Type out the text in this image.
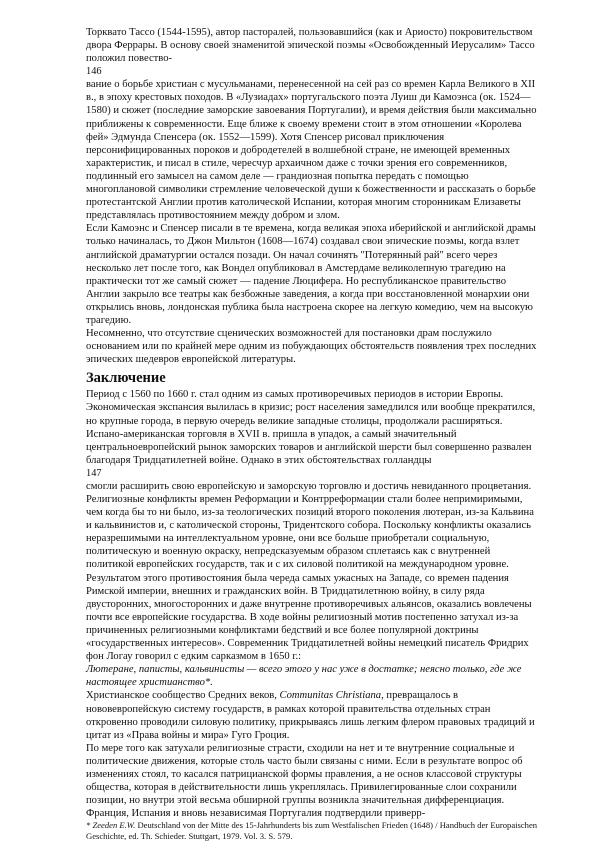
Торквато Тассо (1544-1595), автор пасторалей, пользовавшийся (как и Ариосто) покровительством двора Феррары. В основу своей знаменитой эпической поэмы «Освобожденный Иерусалим» Тассо положил повество-

146

вание о борьбе христиан с мусульманами, перенесенной на сей раз со времен Карла Великого в XII в., в эпоху крестовых походов. В «Лузиадах» португальского поэта Луиш ди Камоэнса (ок. 1524—1580) и сюжет (последние заморские завоевания Португалии), и время действия были максимально приближены к современности. Еще ближе к своему времени стоит в этом отношении «Королева фей» Эдмунда Спенсера (ок. 1552—1599). Хотя Спенсер рисовал приключения персонифицированных пороков и добродетелей в волшебной стране, не имеющей временных характеристик, и писал в стиле, чересчур архаичном даже с точки зрения его современников, подлинный его замысел на самом деле — грандиозная попытка передать с помощью многоплановой символики стремление человеческой души к божественности и рассказать о борьбе протестантской Англии против католической Испании, которая многим сторонникам Елизаветы представлялась противостоянием между добром и злом.

Если Камоэнс и Спенсер писали в те времена, когда великая эпоха иберийской и английской драмы только начиналась, то Джон Мильтон (1608—1674) создавал свои эпические поэмы, когда взлет английской драматургии остался позади. Он начал сочинять "Потерянный рай" всего через несколько лет после того, как Вондел опубликовал в Амстердаме великолепную трагедию на практически тот же самый сюжет — падение Люцифера. Но республиканское правительство Англии закрыло все театры как безбожные заведения, а когда при восстановленной монархии они открылись вновь, лондонская публика была настроена скорее на легкую комедию, чем на высокую трагедию.

Несомненно, что отсутствие сценических возможностей для постановки драм послужило основанием или по крайней мере одним из побуждающих обстоятельств появления трех последних эпических шедевров европейской литературы.

Заключение

Период с 1560 по 1660 г. стал одним из самых противоречивых периодов в истории Европы. Экономическая экспансия вылилась в кризис; рост населения замедлился или вообще прекратился, но крупные города, в первую очередь великие западные столицы, продолжали расширяться. Испано-американская торговля в XVII в. пришла в упадок, а самый значительный центральноевропейский рынок заморских товаров и английской шерсти был совершенно развален благодаря Тридцатилетней войне. Однако в этих обстоятельствах голландцы

147

смогли расширить свою европейскую и заморскую торговлю и достичь невиданного процветания.

Религиозные конфликты времен Реформации и Контрреформации стали более непримиримыми, чем когда бы то ни было, из-за теологических позиций второго поколения лютеран, из-за Кальвина и кальвинистов и, с католической стороны, Тридентского собора. Поскольку конфликты оказались неразрешимыми на интеллектуальном уровне, они все больше приобретали социальную, политическую и военную окраску, непредсказуемым образом сплетаясь как с внутренней политикой европейских государств, так и с их силовой политикой на международном уровне.

Результатом этого противостояния была череда самых ужасных на Западе, со времен падения Римской империи, внешних и гражданских войн. В Тридцатилетнюю войну, в силу ряда двусторонних, многосторонних и даже внутренне противоречивых альянсов, оказались вовлечены почти все европейские государства. В ходе войны религиозный мотив постепенно затухал из-за причиненных религиозными конфликтами бедствий и все более популярной доктрины «государственных интересов». Современник Тридцатилетней войны немецкий писатель Фридрих фон Логау говорил с едким сарказмом в 1650 г.:

Лютеране, паписты, кальвинисты — всего этого у нас уже в достатке; неясно только, где же настоящее христианство*.

Христианское сообщество Средних веков, Communitas Christiana, превращалось в нововевропейскую систему государств, в рамках которой правительства отдельных стран откровенно проводили силовую политику, прикрываясь лишь легким флером правовых традиций и цитат из «Права войны и мира» Гуго Гроция.

По мере того как затухали религиозные страсти, сходили на нет и те внутренние социальные и политические движения, которые столь часто были связаны с ними. Если в результате вопрос об изменениях стоял, то касался патрицианской формы правления, а не основ классовой структуры общества, которая в действительности лишь укреплялась. Привилегированные слои сохранили позиции, но внутри этой весьма обширной группы возникла значительная дифференциация. Франция, Испания и вновь независимая Португалия подтвердили приверр-

* Zeeden E.W. Deutschland von der Mitte des 15-Jahrhunderts bis zum Westfalischen Frieden (1648) / Handbuch der Europaischen Geschichte, ed. Th. Schieder. Stuttgart, 1979. Vol. 3. S. 579.
